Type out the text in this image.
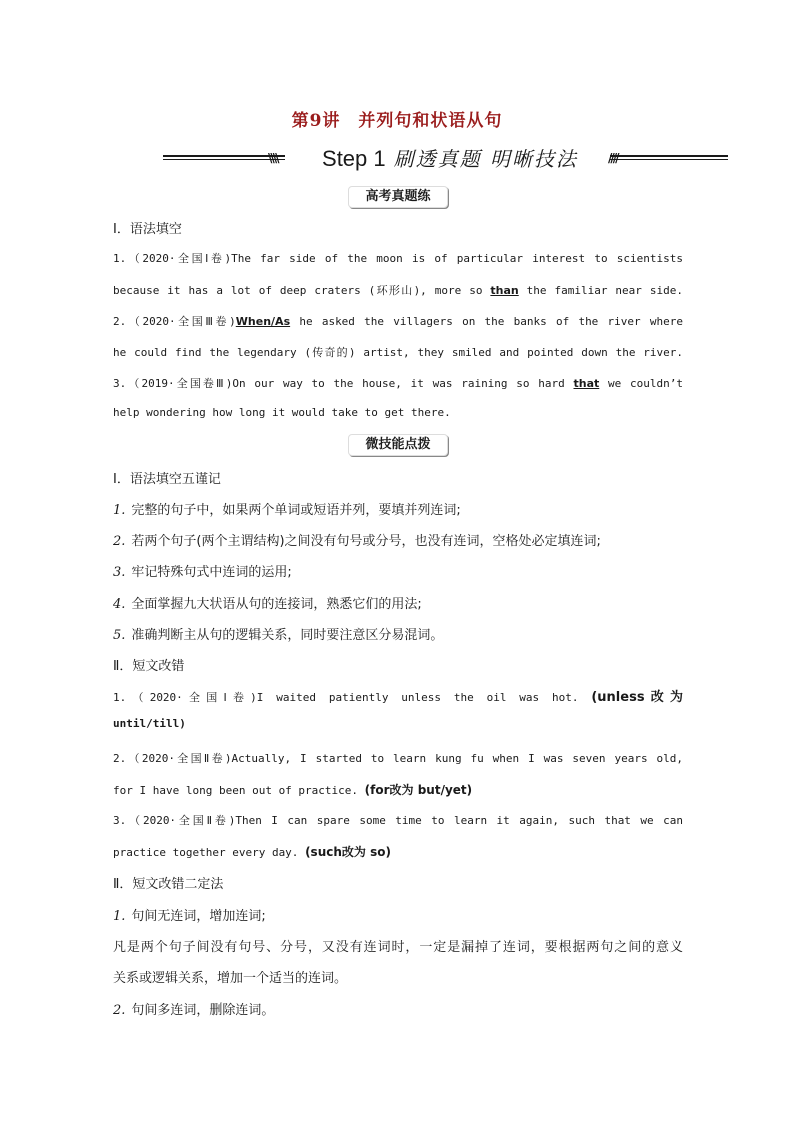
第9讲　并列句和状语从句
\\\\	Step 1 刷透真题 明晰技法	////
高考真题练
Ⅰ．语法填空
1.（2020·全国Ⅰ卷)The far side of the moon is of particular interest to scientists
because it has a lot of deep craters (环形山), more so than the familiar near side.
2.（2020·全国Ⅲ卷)When/As he asked the villagers on the banks of the river where
he could find the legendary (传奇的) artist, they smiled and pointed down the river.
3.（2019·全国卷Ⅲ)On our way to the house, it was raining so hard that we couldn’t
help wondering how long it would take to get there.
微技能点拨
Ⅰ．语法填空五谨记
1. 完整的句子中，如果两个单词或短语并列，要填并列连词;
2. 若两个句子(两个主谓结构)之间没有句号或分号，也没有连词，空格处必定填连词;
3. 牢记特殊句式中连词的运用;
4. 全面掌握九大状语从句的连接词，熟悉它们的用法;
5. 准确判断主从句的逻辑关系，同时要注意区分易混词。
Ⅱ．短文改错
1.（2020·全国Ⅰ卷)I waited patiently unless the oil was hot. (unless改为
until/till)
2.（2020·全国Ⅱ卷)Actually, I started to learn kung fu when I was seven years old,
for I have long been out of practice. (for改为 but/yet)
3.（2020·全国Ⅱ卷)Then I can spare some time to learn it again, such that we can
practice together every day. (such改为 so)
Ⅱ．短文改错二定法
1. 句间无连词，增加连词;
凡是两个句子间没有句号、分号，又没有连词时，一定是漏掉了连词，要根据两句之间的意义
关系或逻辑关系，增加一个适当的连词。
2. 句间多连词，删除连词。
